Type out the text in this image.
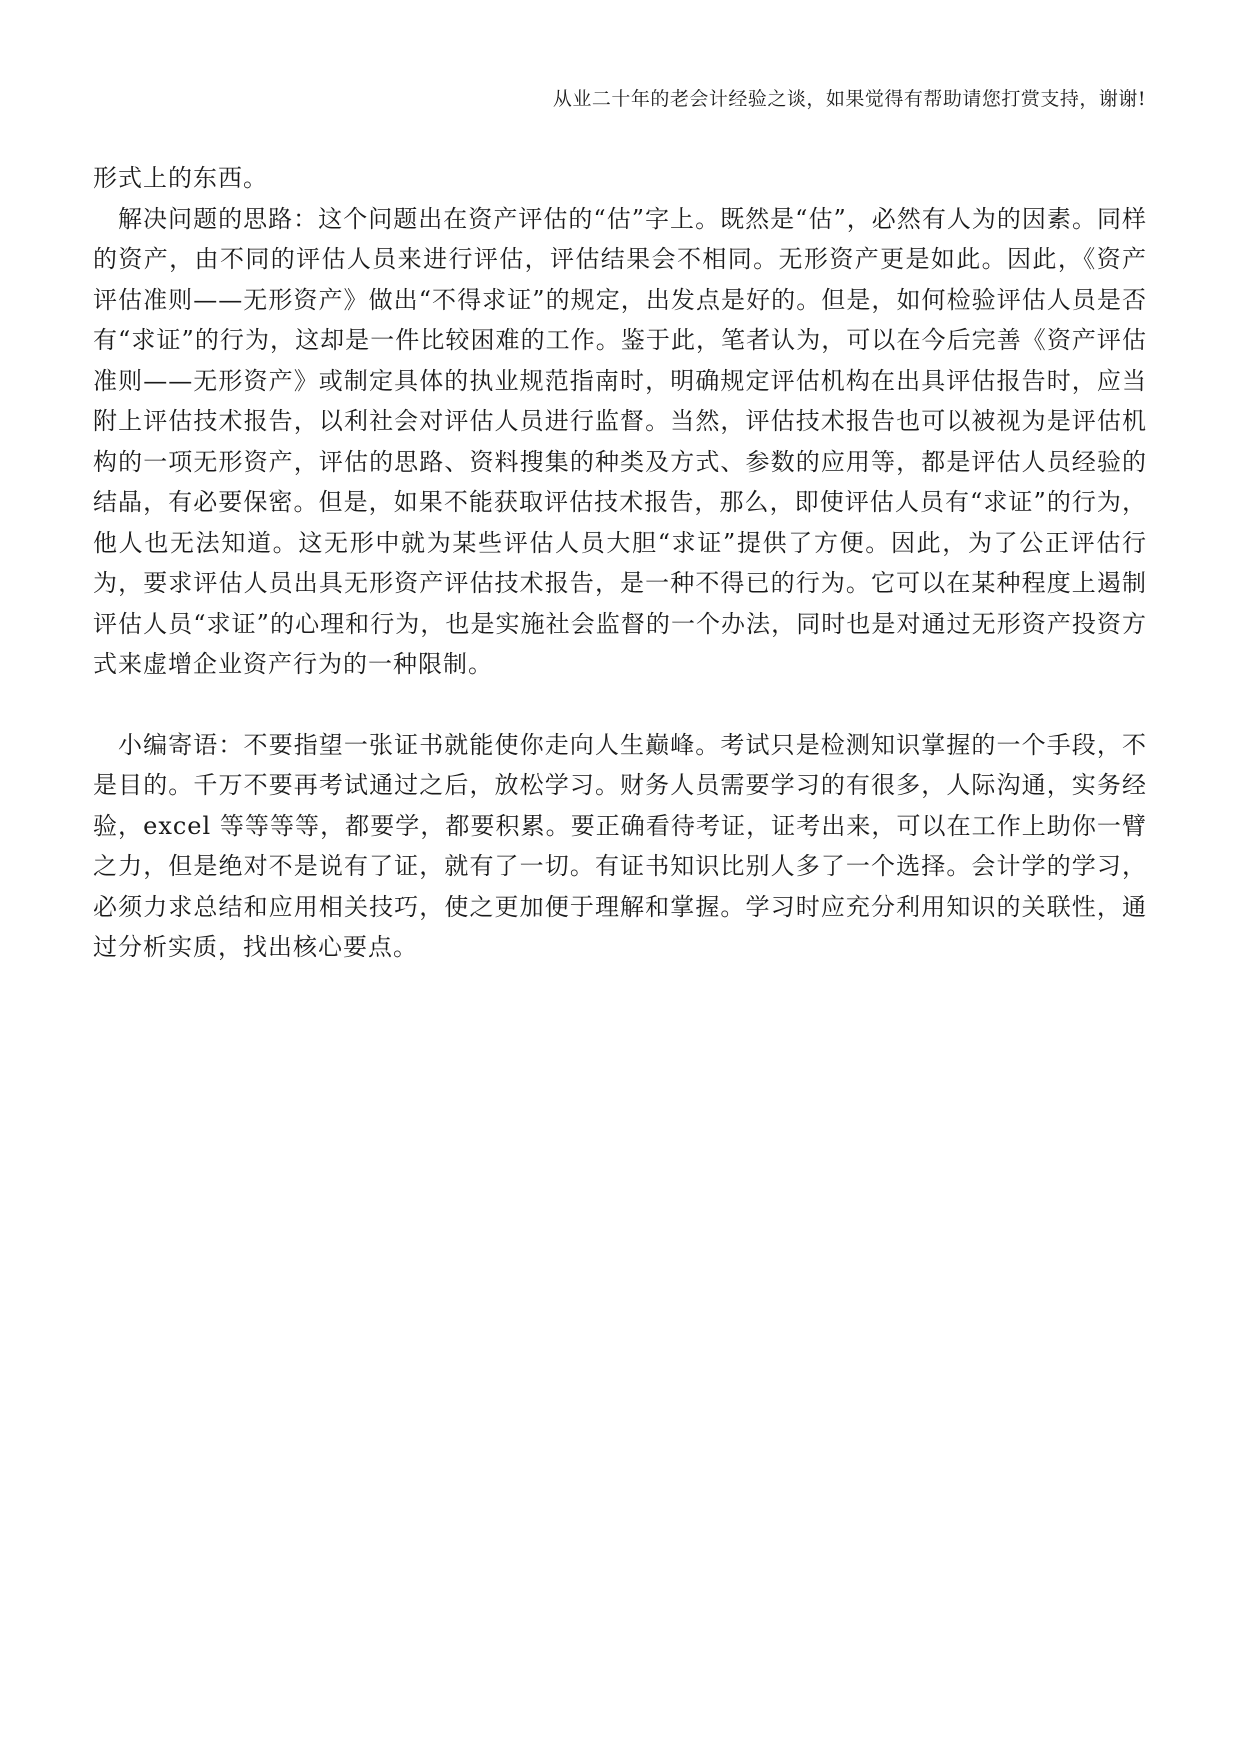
从业二十年的老会计经验之谈，如果觉得有帮助请您打赏支持，谢谢!

形式上的东西。

解决问题的思路：这个问题出在资产评估的“估”字上。既然是“估”，必然有人为的因素。同样的资产，由不同的评估人员来进行评估，评估结果会不相同。无形资产更是如此。因此，《资产评估准则——无形资产》做出“不得求证”的规定，出发点是好的。但是，如何检验评估人员是否有“求证”的行为，这却是一件比较困难的工作。鉴于此，笔者认为，可以在今后完善《资产评估准则——无形资产》或制定具体的执业规范指南时，明确规定评估机构在出具评估报告时，应当附上评估技术报告，以利社会对评估人员进行监督。当然，评估技术报告也可以被视为是评估机构的一项无形资产，评估的思路、资料搜集的种类及方式、参数的应用等，都是评估人员经验的结晶，有必要保密。但是，如果不能获取评估技术报告，那么，即使评估人员有“求证”的行为，他人也无法知道。这无形中就为某些评估人员大胆“求证”提供了方便。因此，为了公正评估行为，要求评估人员出具无形资产评估技术报告，是一种不得已的行为。它可以在某种程度上遏制评估人员“求证”的心理和行为，也是实施社会监督的一个办法，同时也是对通过无形资产投资方式来虚增企业资产行为的一种限制。

小编寄语：不要指望一张证书就能使你走向人生巅峰。考试只是检测知识掌握的一个手段，不是目的。千万不要再考试通过之后，放松学习。财务人员需要学习的有很多，人际沟通，实务经验，excel 等等等等，都要学，都要积累。要正确看待考证，证考出来，可以在工作上助你一臂之力，但是绝对不是说有了证，就有了一切。有证书知识比别人多了一个选择。会计学的学习，必须力求总结和应用相关技巧，使之更加便于理解和掌握。学习时应充分利用知识的关联性，通过分析实质，找出核心要点。
